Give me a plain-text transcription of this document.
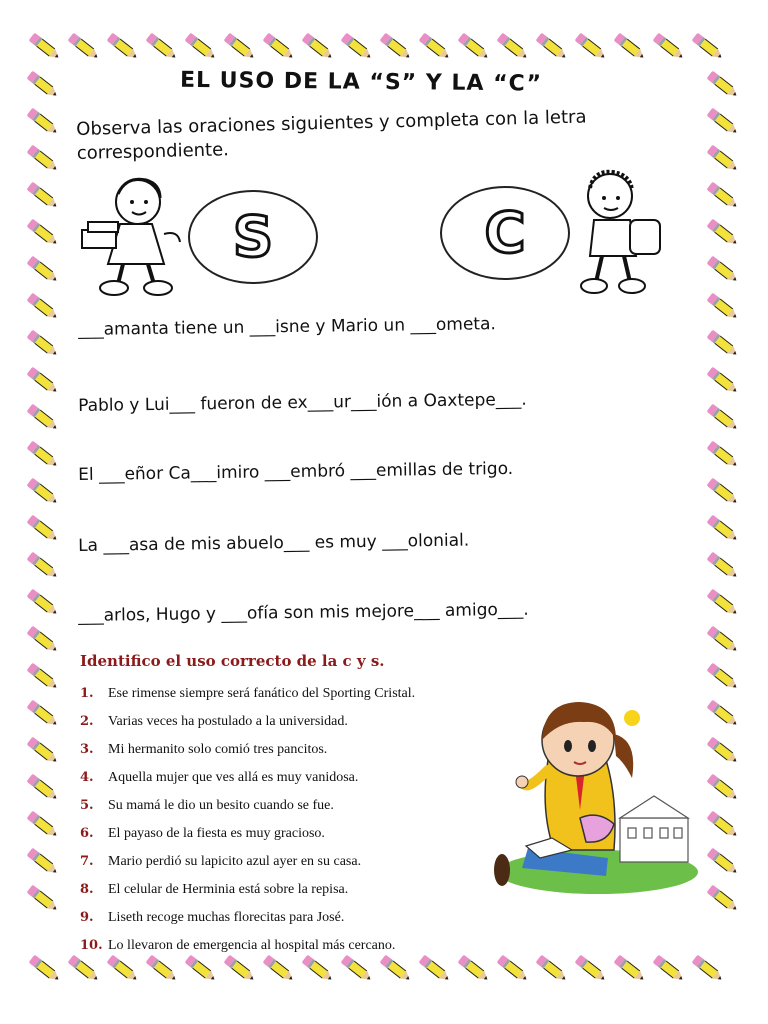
EL USO DE LA “S” Y LA “C”
Observa las oraciones siguientes y completa con la letra correspondiente.
S	C
___amanta tiene un ___isne y Mario un ___ometa.
Pablo y Lui___ fueron de ex___ur___ión a Oaxtepe___.
El ___eñor Ca___imiro ___embró ___emillas de trigo.
La ___asa de mis abuelo___ es muy ___olonial.
___arlos, Hugo y ___ofía son mis mejore___ amigo___.
Identifico el uso correcto de la c y s.
1.	Ese rimense siempre será fanático del Sporting Cristal.
2.	Varias veces ha postulado a la universidad.
3.	Mi hermanito solo comió tres pancitos.
4.	Aquella mujer que ves allá es muy vanidosa.
5.	Su mamá le dio un besito cuando se fue.
6.	El payaso de la fiesta es muy gracioso.
7.	Mario perdió su lapicito azul ayer en su casa.
8.	El celular de Herminia está sobre la repisa.
9.	Liseth recoge muchas florecitas para José.
10. Lo llevaron de emergencia al hospital más cercano.
